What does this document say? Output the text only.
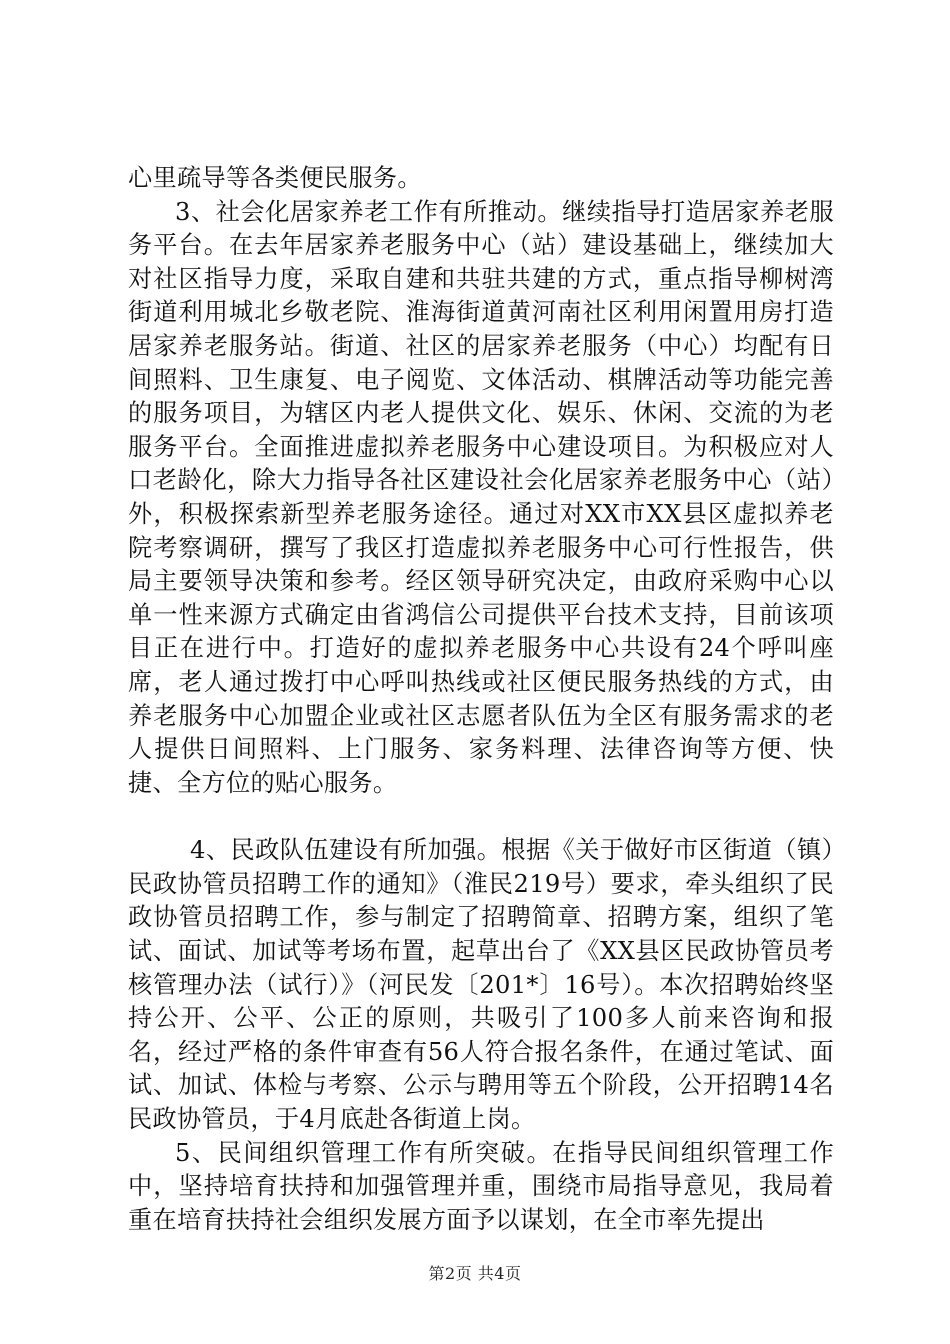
心里疏导等各类便民服务。

3、社会化居家养老工作有所推动。继续指导打造居家养老服务平台。在去年居家养老服务中心（站）建设基础上，继续加大对社区指导力度，采取自建和共驻共建的方式，重点指导柳树湾街道利用城北乡敬老院、淮海街道黄河南社区利用闲置用房打造居家养老服务站。街道、社区的居家养老服务（中心）均配有日间照料、卫生康复、电子阅览、文体活动、棋牌活动等功能完善的服务项目，为辖区内老人提供文化、娱乐、休闲、交流的为老服务平台。全面推进虚拟养老服务中心建设项目。为积极应对人口老龄化，除大力指导各社区建设社会化居家养老服务中心（站）外，积极探索新型养老服务途径。通过对XX市XX县区虚拟养老院考察调研，撰写了我区打造虚拟养老服务中心可行性报告，供局主要领导决策和参考。经区领导研究决定，由政府采购中心以单一性来源方式确定由省鸿信公司提供平台技术支持，目前该项目正在进行中。打造好的虚拟养老服务中心共设有24个呼叫座席，老人通过拨打中心呼叫热线或社区便民服务热线的方式，由养老服务中心加盟企业或社区志愿者队伍为全区有服务需求的老人提供日间照料、上门服务、家务料理、法律咨询等方便、快捷、全方位的贴心服务。

4、民政队伍建设有所加强。根据《关于做好市区街道（镇）民政协管员招聘工作的通知》（淮民219号）要求，牵头组织了民政协管员招聘工作，参与制定了招聘简章、招聘方案，组织了笔试、面试、加试等考场布置，起草出台了《XX县区民政协管员考核管理办法（试行）》（河民发〔201*〕16号）。本次招聘始终坚持公开、公平、公正的原则，共吸引了100多人前来咨询和报名，经过严格的条件审查有56人符合报名条件，在通过笔试、面试、加试、体检与考察、公示与聘用等五个阶段，公开招聘14名民政协管员，于4月底赴各街道上岗。

5、民间组织管理工作有所突破。在指导民间组织管理工作中，坚持培育扶持和加强管理并重，围绕市局指导意见，我局着重在培育扶持社会组织发展方面予以谋划，在全市率先提出

第2页 共4页
